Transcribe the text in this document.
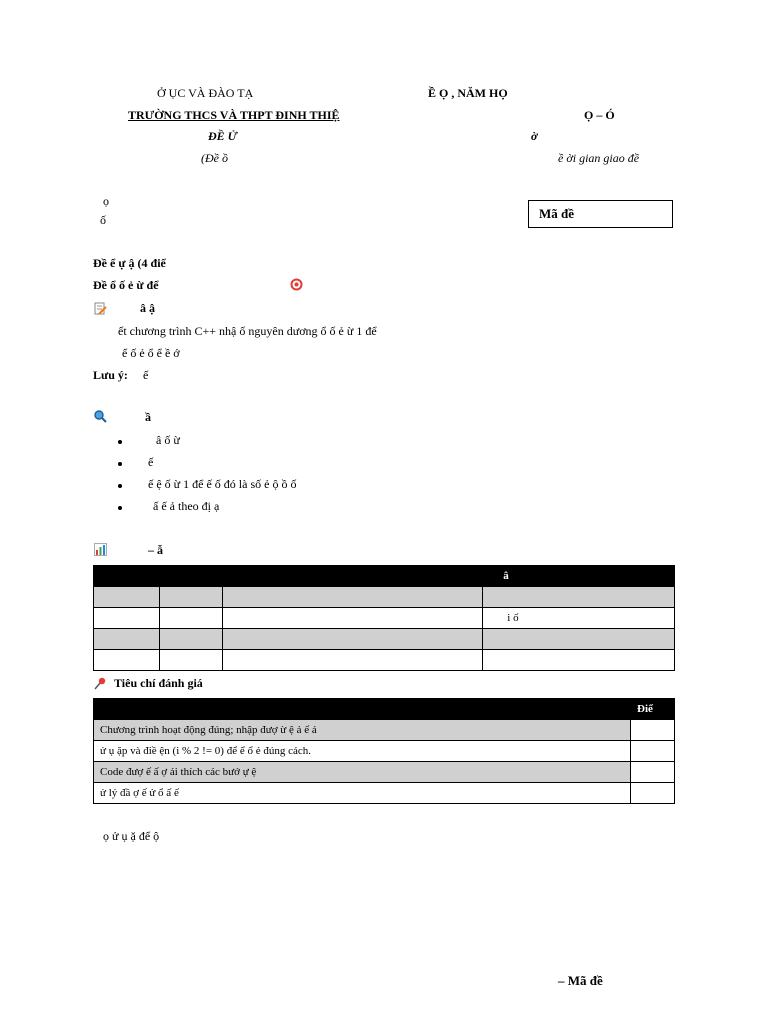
Ở ỤC VÀ ĐÀO TẠ
TRƯỜNG THCS VÀ THPT ĐINH THIỆ
ĐỀ Ử
(Đề ồ
Ề Ọ , NĂM HỌ
Ọ – Ó
ờ
ề ời gian giao đề
ọ
ố	Mã đề
Đề ể ự ậ (4 điể
Đề ổ ố ẻ ừ để
â ậ
ết chương trình C++ nhậ ố nguyên dương ổ ố ẻ ừ 1 để
ể ố ẻ ổ ể ề ớ
Lưu ý: ế
ầ
â ố ừ
ế
ế ệ ố ừ 1 để ế ố đó là số ẻ ộ ồ ố
ấ ế ả theo đị ạ
– ẫ
			â

			i ố

Tiêu chí đánh giá
	Điể
Chương trình hoạt động đúng; nhập đượ ừ ệ ả ế ả	
ử ụ ặp và điề ện (i % 2 != 0) để ể ổ ẻ đúng cách.	
Code đượ ế ấ ợ ải thích các bướ ự ệ	
ử lý đầ ợ ế ử ổ ấ ế	
ọ ử ụ ặ để ộ
– Mã đề
